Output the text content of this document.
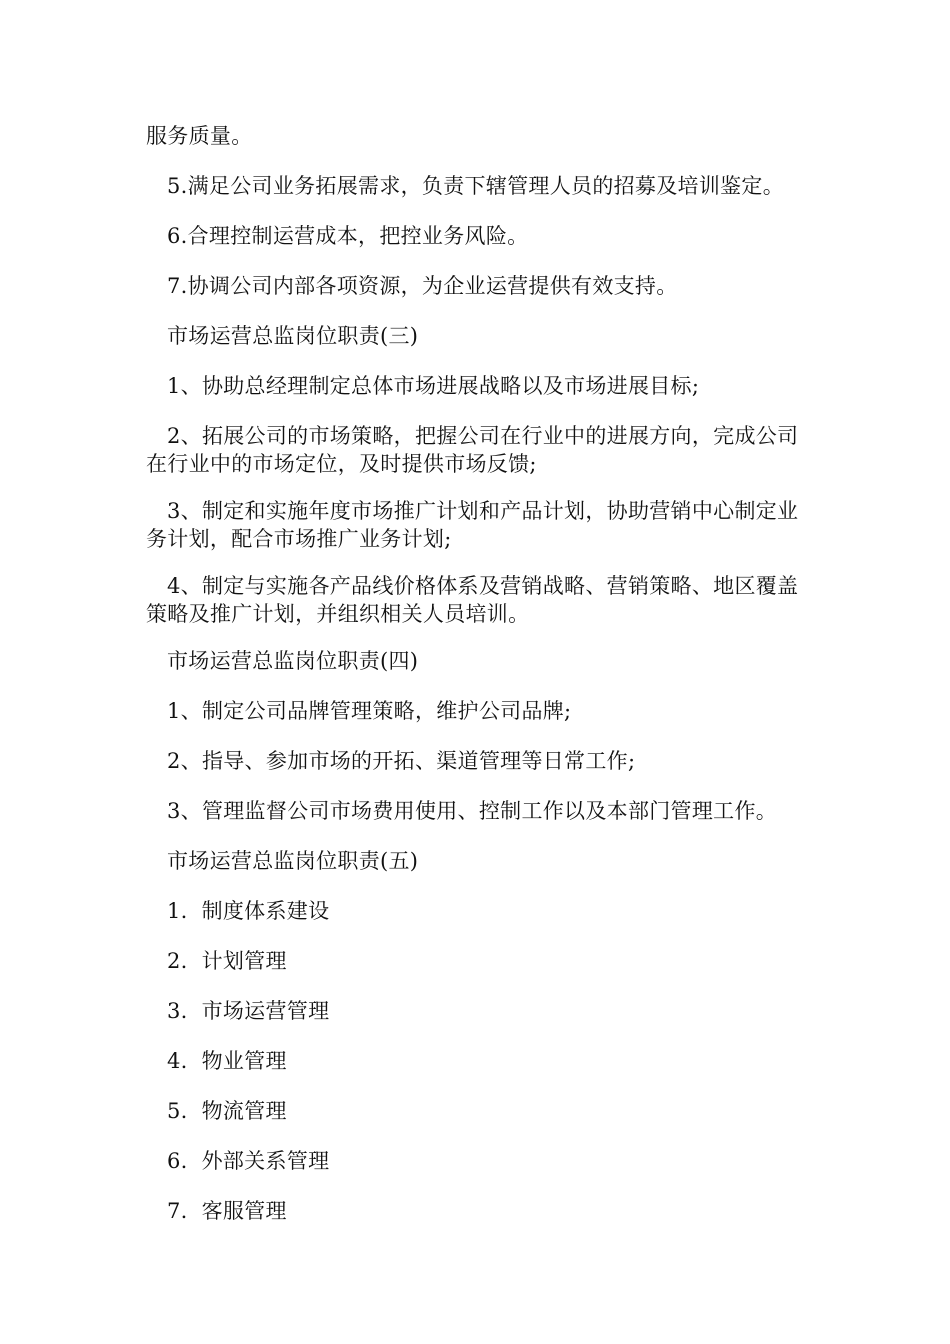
服务质量。

5.满足公司业务拓展需求，负责下辖管理人员的招募及培训鉴定。

6.合理控制运营成本，把控业务风险。

7.协调公司内部各项资源，为企业运营提供有效支持。

市场运营总监岗位职责(三)

1、协助总经理制定总体市场进展战略以及市场进展目标;

2、拓展公司的市场策略，把握公司在行业中的进展方向，完成公司在行业中的市场定位，及时提供市场反馈;

3、制定和实施年度市场推广计划和产品计划，协助营销中心制定业务计划，配合市场推广业务计划;

4、制定与实施各产品线价格体系及营销战略、营销策略、地区覆盖策略及推广计划，并组织相关人员培训。

市场运营总监岗位职责(四)

1、制定公司品牌管理策略，维护公司品牌;

2、指导、参加市场的开拓、渠道管理等日常工作;

3、管理监督公司市场费用使用、控制工作以及本部门管理工作。

市场运营总监岗位职责(五)

1.  制度体系建设

2.  计划管理

3.  市场运营管理

4.  物业管理

5.  物流管理

6.  外部关系管理

7.  客服管理
